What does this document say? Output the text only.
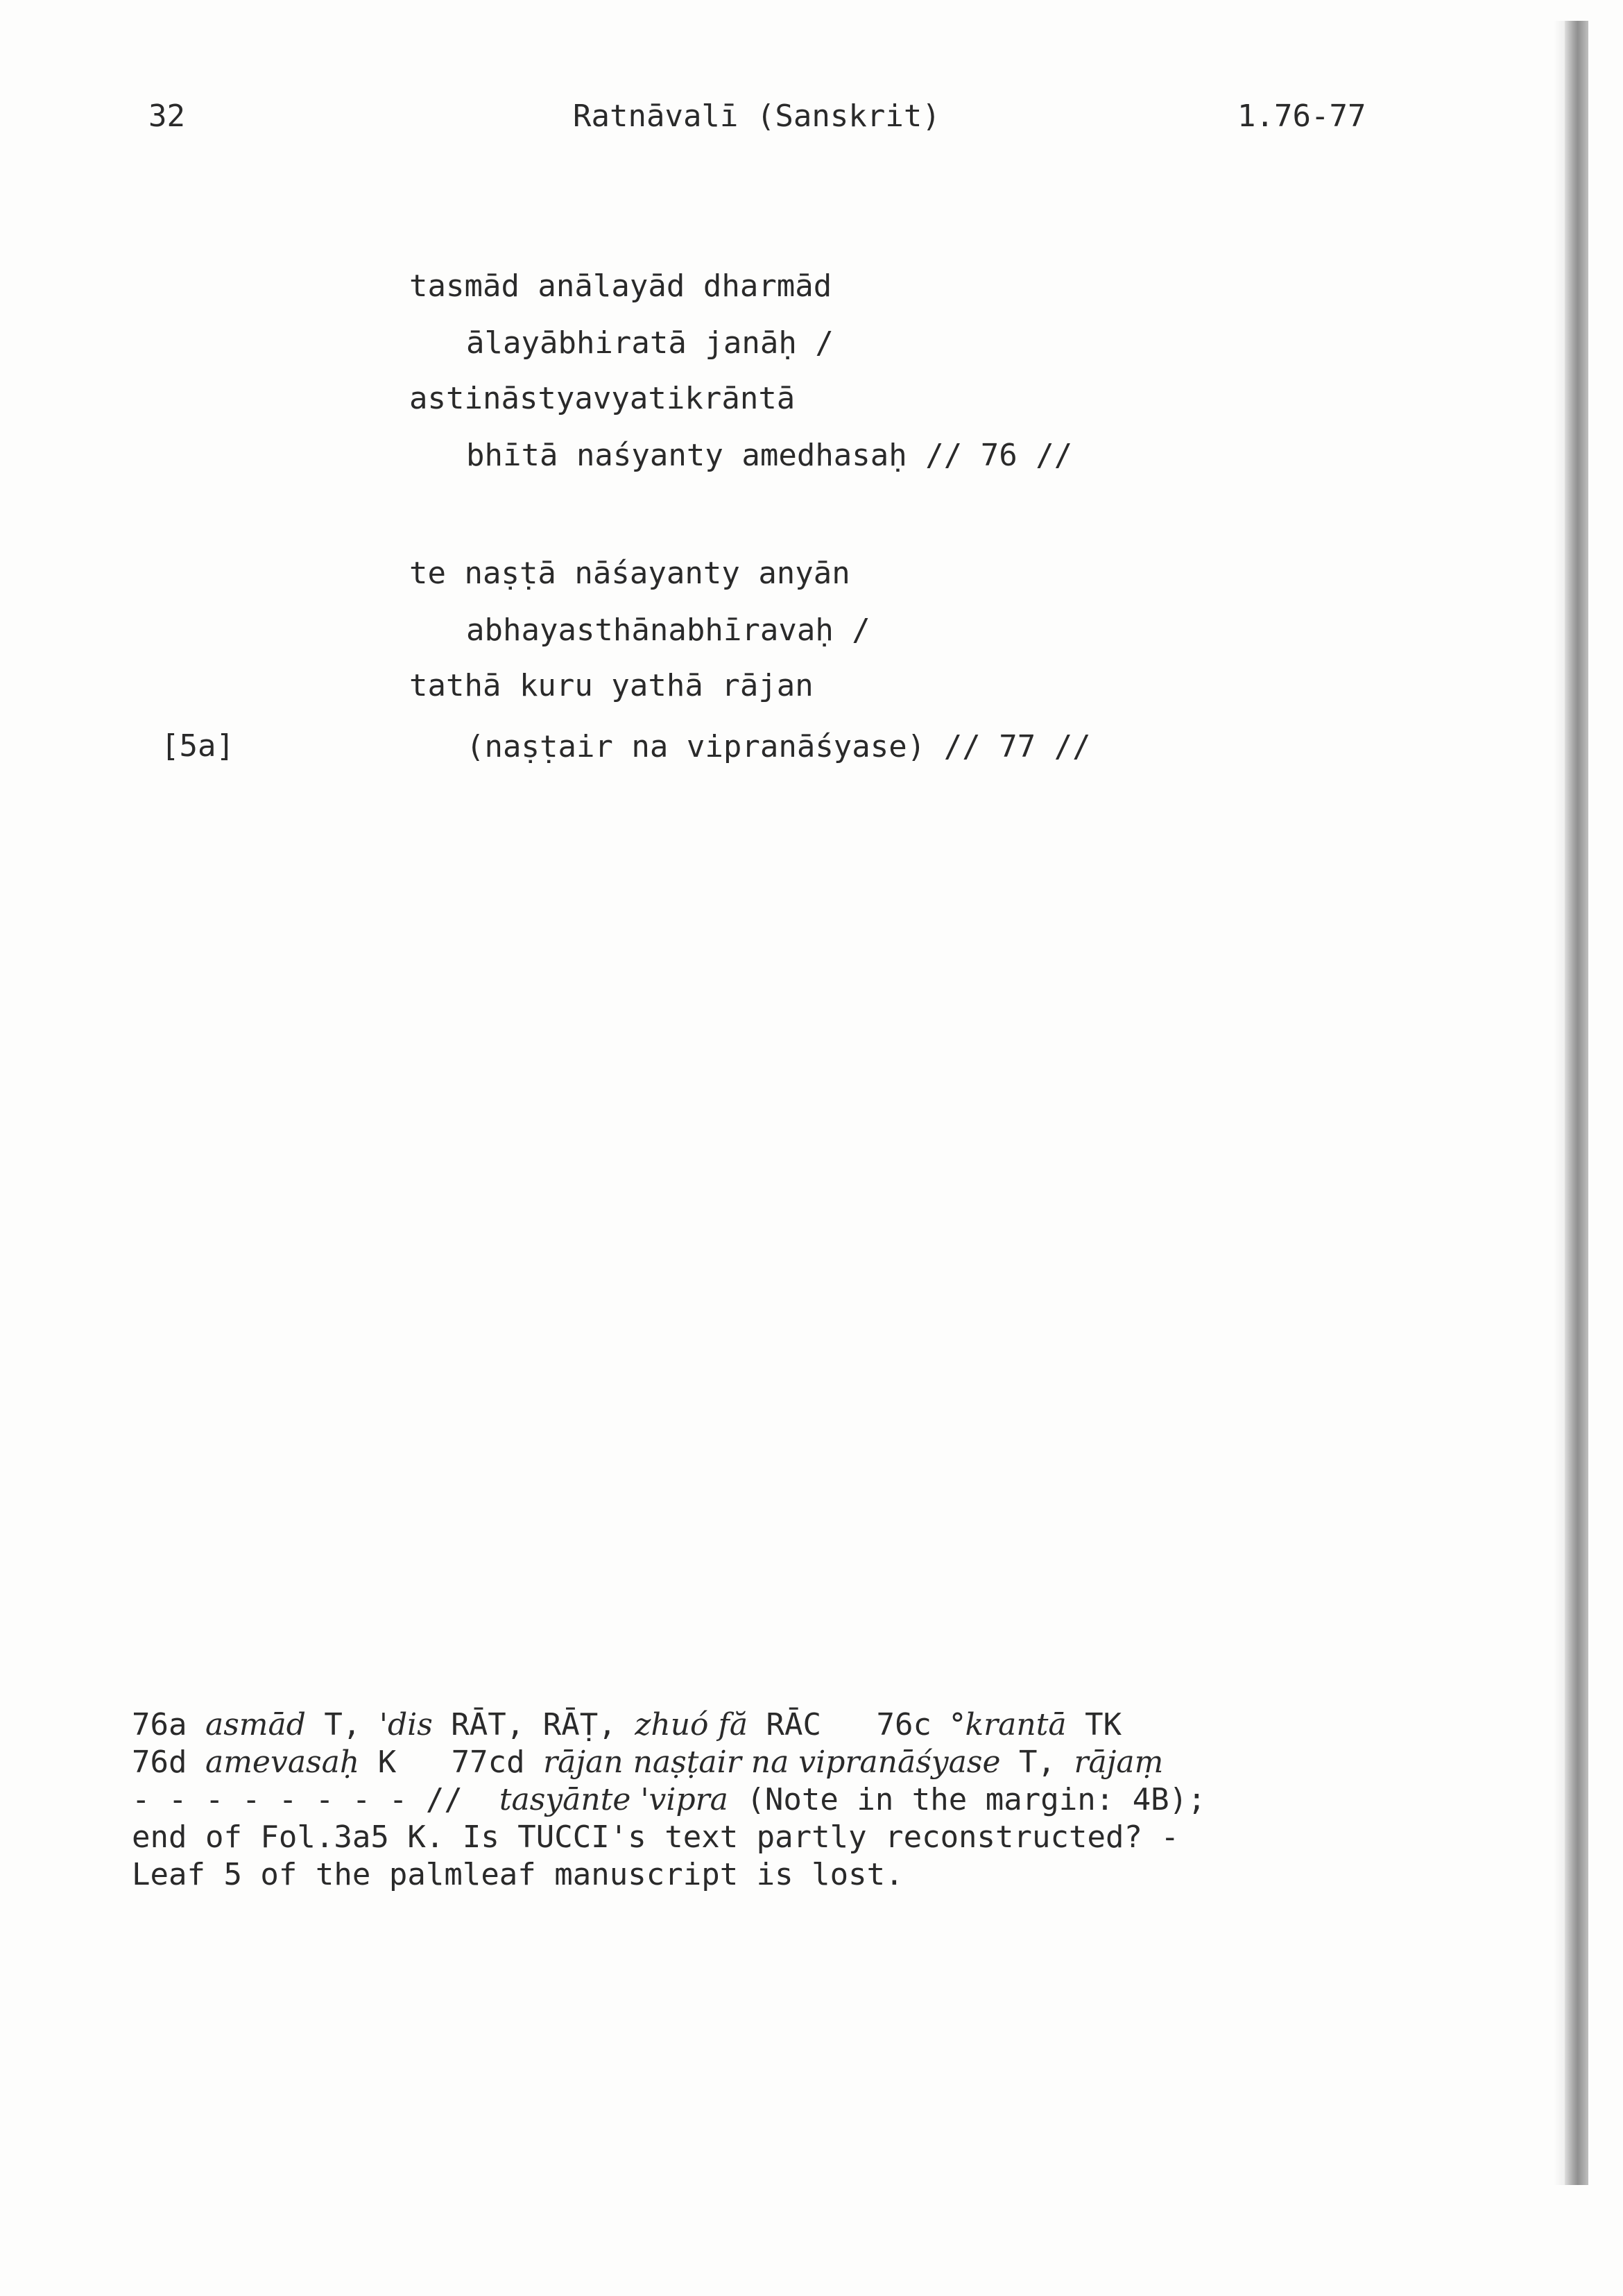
32	Ratnāvalī (Sanskrit)	1.76-77
tasmād anālayād dharmād
ālayābhiratā janāḥ /
astināstyavyatikrāntā
bhītā naśyanty amedhasaḥ // 76 //
te naṣṭā nāśayanty anyān
abhayasthānabhīravaḥ /
tathā kuru yathā rājan
(naṣṭair na vipranāśyase) // 77 //
[5a]
76a asmād T, 'dis RĀT, RĀṬ, zhuó fă RĀC   76c °krantā TK
76d amevasaḥ K   77cd rājan naṣṭair na vipranāśyase T, rājaṃ
- - - - - - - - //  tasyānte 'vipra (Note in the margin: 4B);
end of Fol.3a5 K. Is TUCCI's text partly reconstructed? -
Leaf 5 of the palmleaf manuscript is lost.
